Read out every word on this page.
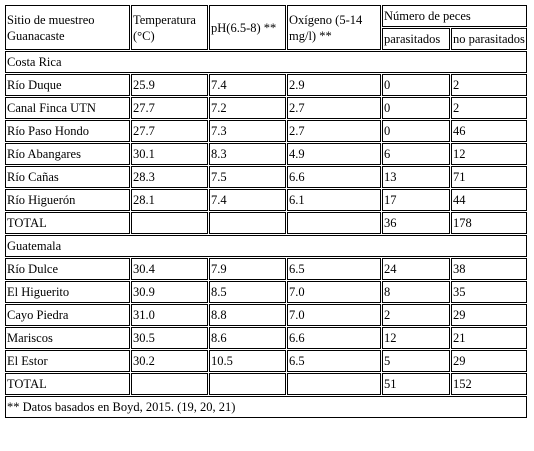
Sitio de muestreo Guanacaste	Temperatura (°C)	pH(6.5-8) **	Oxígeno (5-14 mg/l) **	Número de peces	
				parasitados	no parasitados
Costa Rica					
Río Duque	25.9	7.4	2.9	0	2
Canal Finca UTN	27.7	7.2	2.7	0	2
Río Paso Hondo	27.7	7.3	2.7	0	46
Río Abangares	30.1	8.3	4.9	6	12
Río Cañas	28.3	7.5	6.6	13	71
Río Higuerón	28.1	7.4	6.1	17	44
TOTAL				36	178
Guatemala					
Río Dulce	30.4	7.9	6.5	24	38
El Higuerito	30.9	8.5	7.0	8	35
Cayo Piedra	31.0	8.8	7.0	2	29
Mariscos	30.5	8.6	6.6	12	21
El Estor	30.2	10.5	6.5	5	29
TOTAL				51	152
** Datos basados en Boyd, 2015. (19, 20, 21)					
